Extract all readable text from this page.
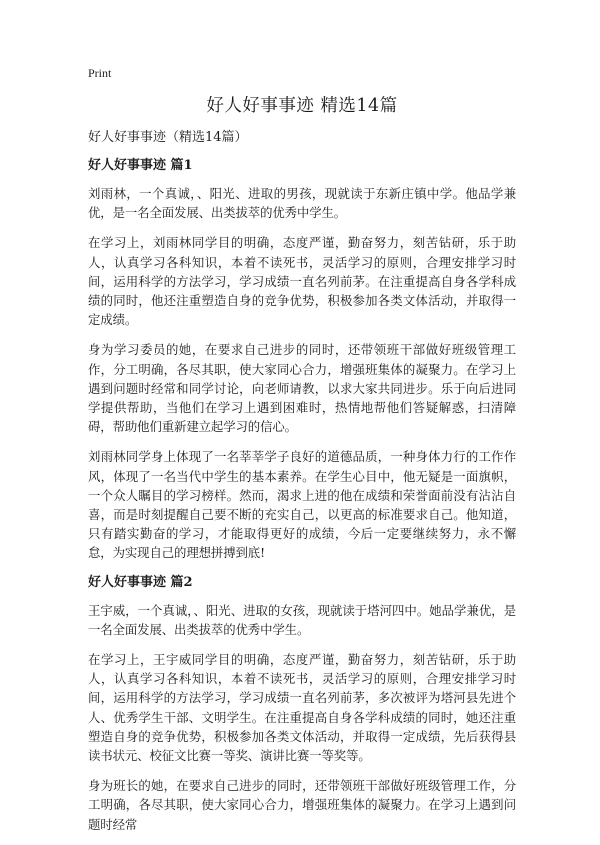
Print
好人好事事迹 精选14篇

好人好事事迹（精选14篇）

好人好事事迹 篇1

刘雨林，一个真诚，、阳光、进取的男孩，现就读于东新庄镇中学。他品学兼优，是一名全面发展、出类拔萃的优秀中学生。

在学习上，刘雨林同学目的明确，态度严谨，勤奋努力，刻苦钻研，乐于助人，认真学习各科知识，本着不读死书，灵活学习的原则，合理安排学习时间，运用科学的方法学习，学习成绩一直名列前茅。在注重提高自身各学科成绩的同时，他还注重塑造自身的竞争优势，积极参加各类文体活动，并取得一定成绩。

身为学习委员的她，在要求自己进步的同时，还带领班干部做好班级管理工作，分工明确，各尽其职，使大家同心合力，增强班集体的凝聚力。在学习上遇到问题时经常和同学讨论，向老师请教，以求大家共同进步。乐于向后进同学提供帮助，当他们在学习上遇到困难时，热情地帮他们答疑解惑，扫清障碍，帮助他们重新建立起学习的信心。

刘雨林同学身上体现了一名莘莘学子良好的道德品质，一种身体力行的工作作风，体现了一名当代中学生的基本素养。在学生心目中，他无疑是一面旗帜，一个众人瞩目的学习榜样。然而，渴求上进的他在成绩和荣誉面前没有沾沾自喜，而是时刻提醒自己要不断的充实自己，以更高的标准要求自己。他知道，只有踏实勤奋的学习，才能取得更好的成绩，今后一定要继续努力，永不懈怠，为实现自己的理想拼搏到底!

好人好事事迹 篇2

王宇威，一个真诚，、阳光、进取的女孩，现就读于塔河四中。她品学兼优，是一名全面发展、出类拔萃的优秀中学生。

在学习上，王宇威同学目的明确，态度严谨，勤奋努力，刻苦钻研，乐于助人，认真学习各科知识，本着不读死书，灵活学习的原则，合理安排学习时间，运用科学的方法学习，学习成绩一直名列前茅，多次被评为塔河县先进个人、优秀学生干部、文明学生。在注重提高自身各学科成绩的同时，她还注重塑造自身的竞争优势，积极参加各类文体活动，并取得一定成绩，先后获得县读书状元、校征文比赛一等奖、演讲比赛一等奖等。

身为班长的她，在要求自己进步的同时，还带领班干部做好班级管理工作，分工明确，各尽其职，使大家同心合力，增强班集体的凝聚力。在学习上遇到问题时经常
